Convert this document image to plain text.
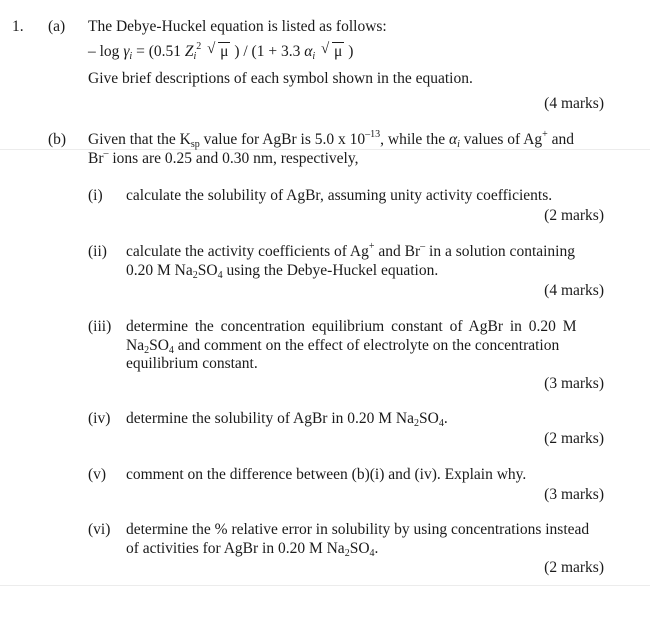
1. (a) The Debye-Huckel equation is listed as follows:
– $\log \gamma_i = (0.51$ $Z_i^2$ √ μ ) / (1 + 3.3 $\alpha_i$ √ μ )
Give brief descriptions of each symbol shown in the equation.
(4 marks)
(b) Given that the $K_{sp}$ value for AgBr is 5.0 x $10^{-13}$, while the $\alpha_i$ values of Ag+ and
Br– ions are 0.25 and 0.30 nm, respectively,
(i) calculate the solubility of AgBr, assuming unity activity coefficients.
(2 marks)
(ii) calculate the activity coefficients of Ag+ and Br– in a solution containing
0.20 M $Na_2SO_4$ using the Debye-Huckel equation.
(4 marks)
(iii) determine the concentration equilibrium constant of AgBr in 0.20 M
$Na_2SO_4$ and comment on the effect of electrolyte on the concentration
equilibrium constant.
(3 marks)
(iv) determine the solubility of AgBr in 0.20 M $Na_2SO_4$.
(2 marks)
(v) comment on the difference between (b)(i) and (iv). Explain why.
(3 marks)
(vi) determine the % relative error in solubility by using concentrations instead
of activities for AgBr in 0.20 M $Na_2SO_4$.
(2 marks)
